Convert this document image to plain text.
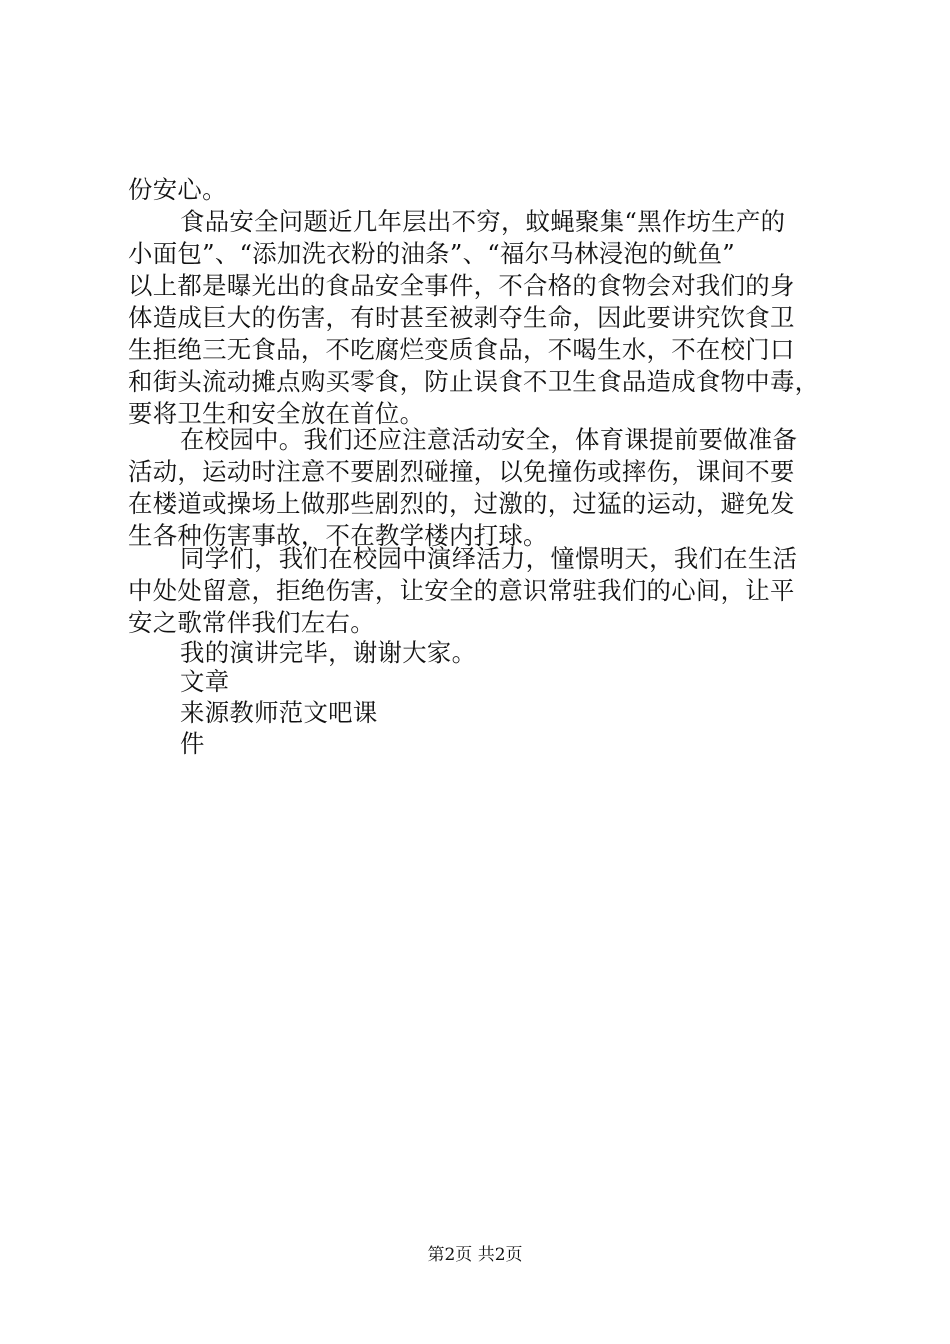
份安心。
食品安全问题近几年层出不穷，蚊蝇聚集“黑作坊生产的
小面包”、“添加洗衣粉的油条”、“福尔马林浸泡的鱿鱼”
以上都是曝光出的食品安全事件，不合格的食物会对我们的身
体造成巨大的伤害，有时甚至被剥夺生命，因此要讲究饮食卫
生拒绝三无食品，不吃腐烂变质食品，不喝生水，不在校门口
和街头流动摊点购买零食，防止误食不卫生食品造成食物中毒，
要将卫生和安全放在首位。
在校园中。我们还应注意活动安全，体育课提前要做准备
活动，运动时注意不要剧烈碰撞，以免撞伤或摔伤，课间不要
在楼道或操场上做那些剧烈的，过激的，过猛的运动，避免发
生各种伤害事故，不在教学楼内打球。
同学们，我们在校园中演绎活力，憧憬明天，我们在生活
中处处留意，拒绝伤害，让安全的意识常驻我们的心间，让平
安之歌常伴我们左右。
我的演讲完毕，谢谢大家。
文章
来源教师范文吧课
件
第2页 共2页
